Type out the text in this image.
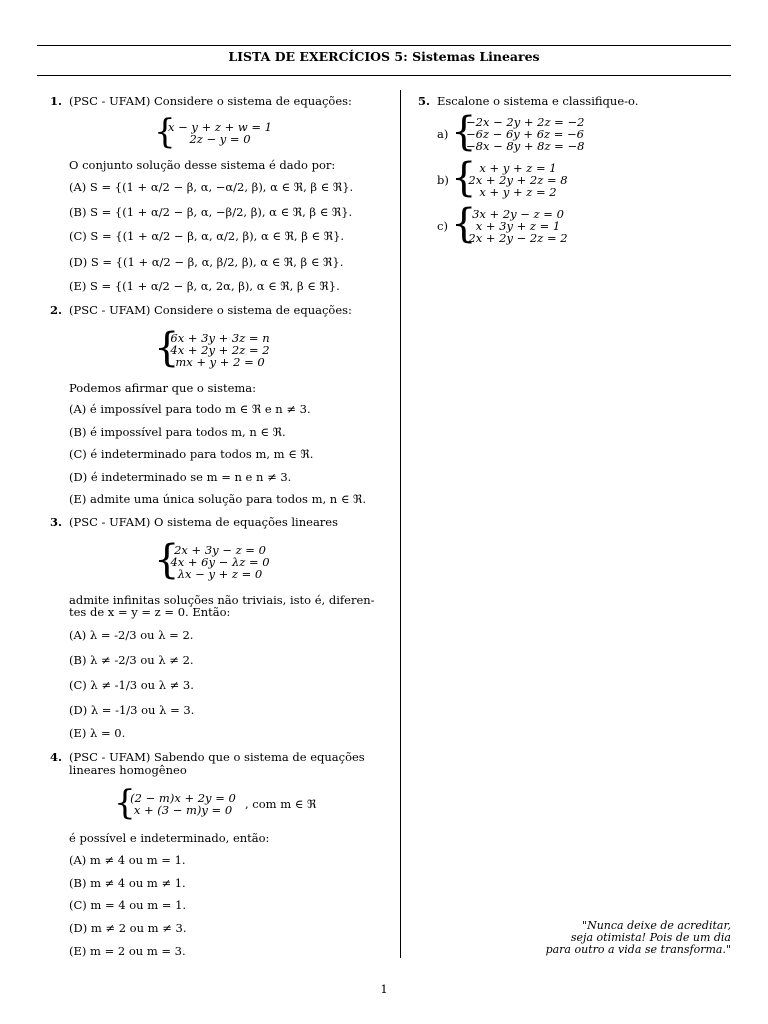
LISTA DE EXERCÍCIOS 5: Sistemas Lineares
1. (PSC - UFAM) Considere o sistema de equações:
{
x − y + z + w = 1
2z − y = 0
O conjunto solução desse sistema é dado por:
(A) S = {(1 + α/2 − β, α, −α/2, β), α ∈ ℜ, β ∈ ℜ}.
(B) S = {(1 + α/2 − β, α, −β/2, β), α ∈ ℜ, β ∈ ℜ}.
(C) S = {(1 + α/2 − β, α, α/2, β), α ∈ ℜ, β ∈ ℜ}.
(D) S = {(1 + α/2 − β, α, β/2, β), α ∈ ℜ, β ∈ ℜ}.
(E) S = {(1 + α/2 − β, α, 2α, β), α ∈ ℜ, β ∈ ℜ}.
2. (PSC - UFAM) Considere o sistema de equações:
{
6x + 3y + 3z = n
4x + 2y + 2z = 2
mx + y + 2 = 0
Podemos afirmar que o sistema:
(A) é impossível para todo m ∈ ℜ e n ≠ 3.
(B) é impossível para todos m, n ∈ ℜ.
(C) é indeterminado para todos m, m ∈ ℜ.
(D) é indeterminado se m = n e n ≠ 3.
(E) admite uma única solução para todos m, n ∈ ℜ.
3. (PSC - UFAM) O sistema de equações lineares
{
2x + 3y − z = 0
4x + 6y − λz = 0
λx − y + z = 0
admite infinitas soluções não triviais, isto é, diferen-
tes de x = y = z = 0. Então:
(A) λ = -2/3 ou λ = 2.
(B) λ ≠ -2/3 ou λ ≠ 2.
(C) λ ≠ -1/3 ou λ ≠ 3.
(D) λ = -1/3 ou λ = 3.
(E) λ = 0.
4. (PSC - UFAM) Sabendo que o sistema de equações
lineares homogêneo
{
(2 − m)x + 2y = 0
x + (3 − m)y = 0	, com m ∈ ℜ
é possível e indeterminado, então:
(A) m ≠ 4 ou m = 1.
(B) m ≠ 4 ou m ≠ 1.
(C) m = 4 ou m = 1.
(D) m ≠ 2 ou m ≠ 3.
(E) m = 2 ou m = 3.
5. Escalone o sistema e classifique-o.
a) {
−2x − 2y + 2z = −2
−6z − 6y + 6z = −6
−8x − 8y + 8z = −8
b) { x + y + z = 1
2x + 2y + 2z = 8
x + y + z = 2
c) {
3x + 2y − z = 0
x + 3y + z = 1
2x + 2y − 2z = 2
"Nunca deixe de acreditar,
seja otimista! Pois de um dia
para outro a vida se transforma."
1
